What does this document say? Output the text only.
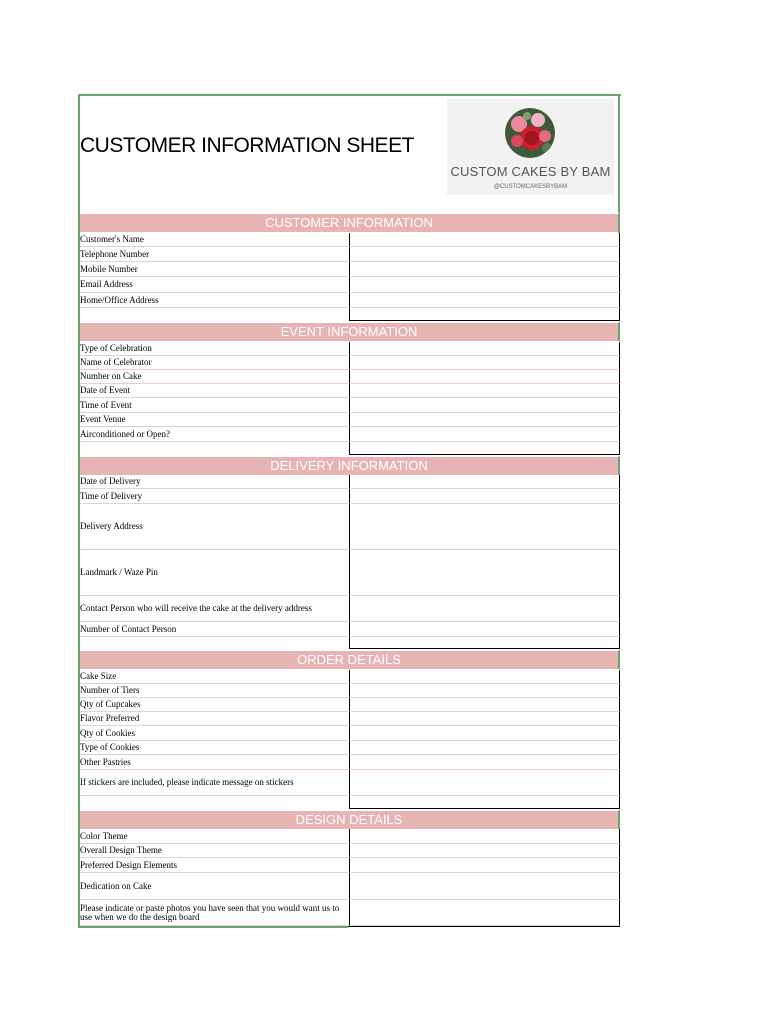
CUSTOMER INFORMATION SHEET
CUSTOM CAKES BY BAM
@CUSTOMCAKESBYBAM
CUSTOMER INFORMATION
Customer's Name
Telephone Number
Mobile Number
Email Address
Home/Office Address
EVENT INFORMATION
Type of Celebration
Name of Celebrator
Number on Cake
Date of Event
Time of Event
Event Venue
Airconditioned or Open?
DELIVERY INFORMATION
Date of Delivery
Time of Delivery
Delivery Address
Landmark / Waze Pin
Contact Person who will receive the cake at the delivery address
Number of Contact Person
ORDER DETAILS
Cake Size
Number of Tiers
Qty of Cupcakes
Flavor Preferred
Qty of Cookies
Type of Cookies
Other Pastries
If stickers are included, please indicate message on stickers
DESIGN DETAILS
Color Theme
Overall Design Theme
Preferred Design Elements
Dedication on Cake
Please indicate or paste photos you have seen that you would want us to use when we do the design board
